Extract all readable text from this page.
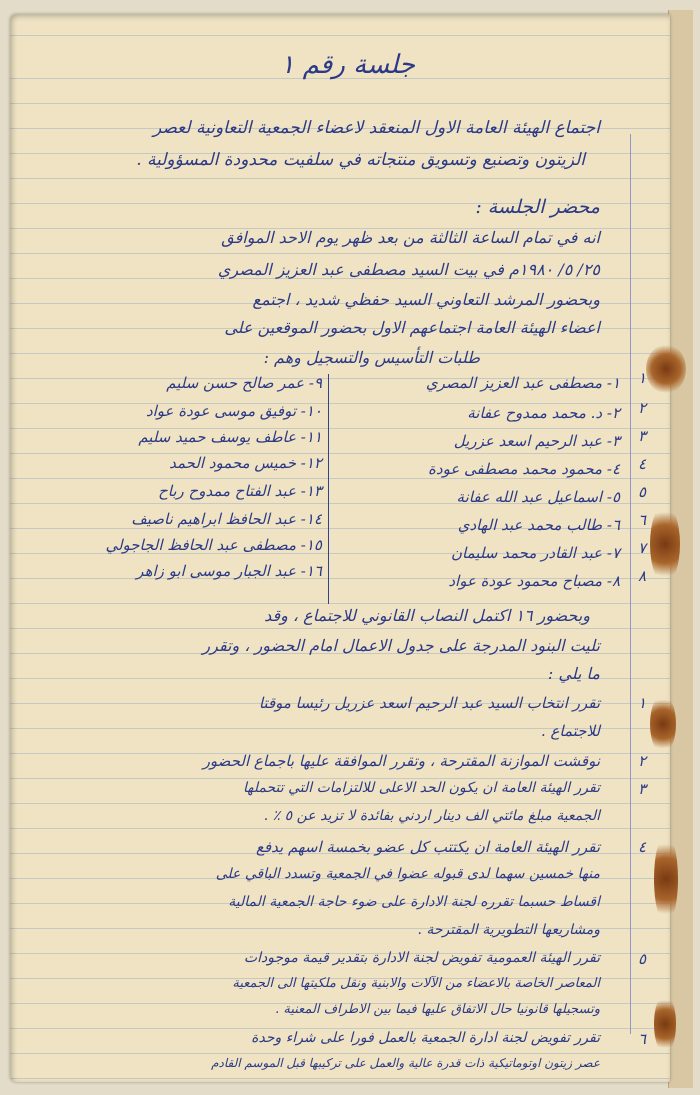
جلسة رقم ١
اجتماع الهيئة العامة الاول المنعقد لاعضاء الجمعية التعاونية لعصر
الزيتون وتصنيع وتسويق منتجاته في سلفيت محدودة المسؤولية .
محضر الجلسة :
انه في تمام الساعة الثالثة من بعد ظهر يوم الاحد الموافق
٢٥/ ٥/ ١٩٨٠م في بيت السيد مصطفى عبد العزيز المصري
وبحضور المرشد التعاوني السيد حفظي شديد ، اجتمع
اعضاء الهيئة العامة اجتماعهم الاول بحضور الموقعين على
طلبات التأسيس والتسجيل وهم :
١- مصطفى عبد العزيز المصري
٢- د. محمد ممدوح عفانة
٣- عبد الرحيم اسعد عزريل
٤- محمود محمد مصطفى عودة
٥- اسماعيل عبد الله عفانة
٦- طالب محمد عبد الهادي
٧- عبد القادر محمد سليمان
٨- مصباح محمود عودة عواد
٩- عمر صالح حسن سليم
١٠- توفيق موسى عودة عواد
١١- عاطف يوسف حميد سليم
١٢- خميس محمود الحمد
١٣- عبد الفتاح ممدوح رباح
١٤- عبد الحافظ ابراهيم ناصيف
١٥- مصطفى عبد الحافظ الجاجولي
١٦- عبد الجبار موسى ابو زاهر
وبحضور ١٦ اكتمل النصاب القانوني للاجتماع ، وقد
تليت البنود المدرجة على جدول الاعمال امام الحضور ، وتقرر
ما يلي :
تقرر انتخاب السيد عبد الرحيم اسعد عزريل رئيسا موقتا
للاجتماع .
نوقشت الموازنة المقترحة ، وتقرر الموافقة عليها باجماع الحضور
تقرر الهيئة العامة ان يكون الحد الاعلى للالتزامات التي تتحملها
الجمعية مبلغ مائتي الف دينار اردني بفائدة لا تزيد عن ٥ ٪ .
تقرر الهيئة العامة ان يكتتب كل عضو بخمسة اسهم يدفع
منها خمسين سهما لدى قبوله عضوا في الجمعية وتسدد الباقي على
اقساط حسبما تقرره لجنة الادارة على ضوء حاجة الجمعية المالية
ومشاريعها التطويرية المقترحة .
تقرر الهيئة العمومية تفويض لجنة الادارة بتقدير قيمة موجودات
المعاصر الخاصة بالاعضاء من الآلات والابنية ونقل ملكيتها الى الجمعية
وتسجيلها قانونيا حال الاتفاق عليها فيما بين الاطراف المعنية .
تقرر تفويض لجنة ادارة الجمعية بالعمل فورا على شراء وحدة
عصر زيتون اوتوماتيكية ذات قدرة عالية والعمل على تركيبها قبل الموسم القادم
١
٢
٣
٤
٥
٦
٧
٨
١
٢
٣
٤
٥
٦
